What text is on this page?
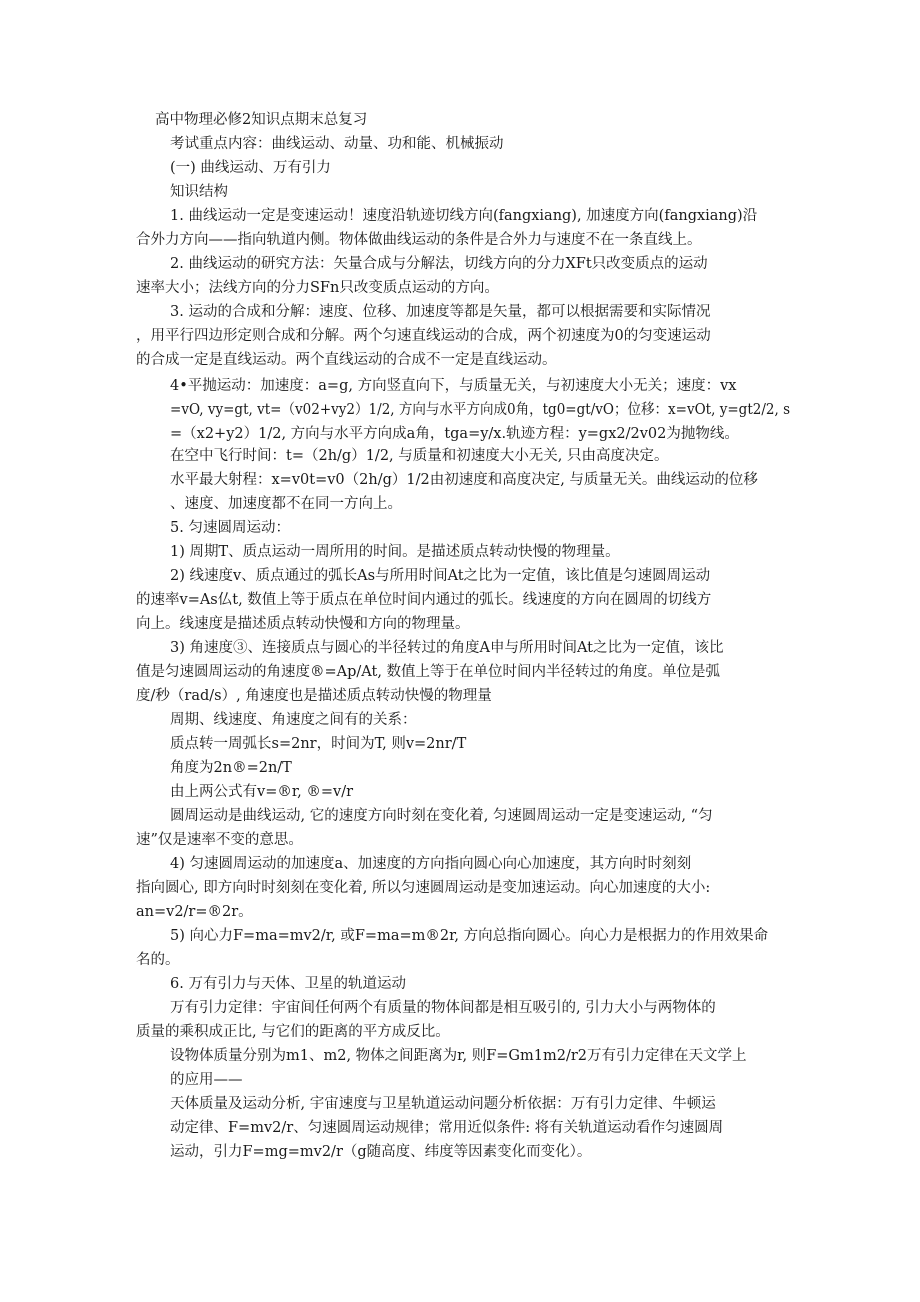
高中物理必修2知识点期末总复习

考试重点内容：曲线运动、动量、功和能、机械振动

(一) 曲线运动、万有引力

知识结构

1. 曲线运动一定是变速运动！速度沿轨迹切线方向(fangxiang), 加速度方向(fangxiang)沿

合外力方向——指向轨道内侧。物体做曲线运动的条件是合外力与速度不在一条直线上。

2. 曲线运动的研究方法：矢量合成与分解法，切线方向的分力XFt只改变质点的运动

速率大小；法线方向的分力SFn只改变质点运动的方向。

3. 运动的合成和分解：速度、位移、加速度等都是矢量，都可以根据需要和实际情况

，用平行四边形定则合成和分解。两个匀速直线运动的合成，两个初速度为0的匀变速运动

的合成一定是直线运动。两个直线运动的合成不一定是直线运动。

4•平抛运动：加速度：a=g, 方向竖直向下，与质量无关，与初速度大小无关；速度：vx

=vO, vy=gt, vt=（v02+vy2）1/2, 方向与水平方向成0角，tg0=gt/vO；位移：x=vOt, y=gt2/2, s

=（x2+y2）1/2, 方向与水平方向成a角，tga=y/x.轨迹方程：y=gx2/2v02为抛物线。

在空中飞行时间：t=（2h/g）1/2, 与质量和初速度大小无关, 只由高度决定。

水平最大射程：x=v0t=v0（2h/g）1/2由初速度和高度决定, 与质量无关。曲线运动的位移

、速度、加速度都不在同一方向上。

5. 匀速圆周运动：

1) 周期T、质点运动一周所用的时间。是描述质点转动快慢的物理量。

2) 线速度v、质点通过的弧长As与所用时间At之比为一定值，该比值是匀速圆周运动

的速率v=As仏t, 数值上等于质点在单位时间内通过的弧长。线速度的方向在圆周的切线方

向上。线速度是描述质点转动快慢和方向的物理量。

3) 角速度③、连接质点与圆心的半径转过的角度A申与所用时间At之比为一定值，该比

值是匀速圆周运动的角速度®=Ap/At, 数值上等于在单位时间内半径转过的角度。单位是弧

度/秒（rad/s）, 角速度也是描述质点转动快慢的物理量

周期、线速度、角速度之间有的关系：

质点转一周弧长s=2nr，时间为T, 则v=2nr/T

角度为2n®=2n/T

由上两公式有v=®r, ®=v/r

圆周运动是曲线运动, 它的速度方向时刻在变化着, 匀速圆周运动一定是变速运动, “匀

速”仅是速率不变的意思。

4) 匀速圆周运动的加速度a、加速度的方向指向圆心向心加速度，其方向时时刻刻

指向圆心, 即方向时时刻刻在变化着, 所以匀速圆周运动是变加速运动。向心加速度的大小:

an=v2/r=®2r。

5) 向心力F=ma=mv2/r, 或F=ma=m®2r, 方向总指向圆心。向心力是根据力的作用效果命

名的。

6. 万有引力与天体、卫星的轨道运动

万有引力定律：宇宙间任何两个有质量的物体间都是相互吸引的, 引力大小与两物体的

质量的乘积成正比, 与它们的距离的平方成反比。

设物体质量分别为m1、m2, 物体之间距离为r, 则F=Gm1m2/r2万有引力定律在天文学上

的应用——

天体质量及运动分析, 宇宙速度与卫星轨道运动问题分析依据：万有引力定律、牛顿运

动定律、F=mv2/r、匀速圆周运动规律；常用近似条件: 将有关轨道运动看作匀速圆周

运动，引力F=mg=mv2/r（g随高度、纬度等因素变化而变化）。
